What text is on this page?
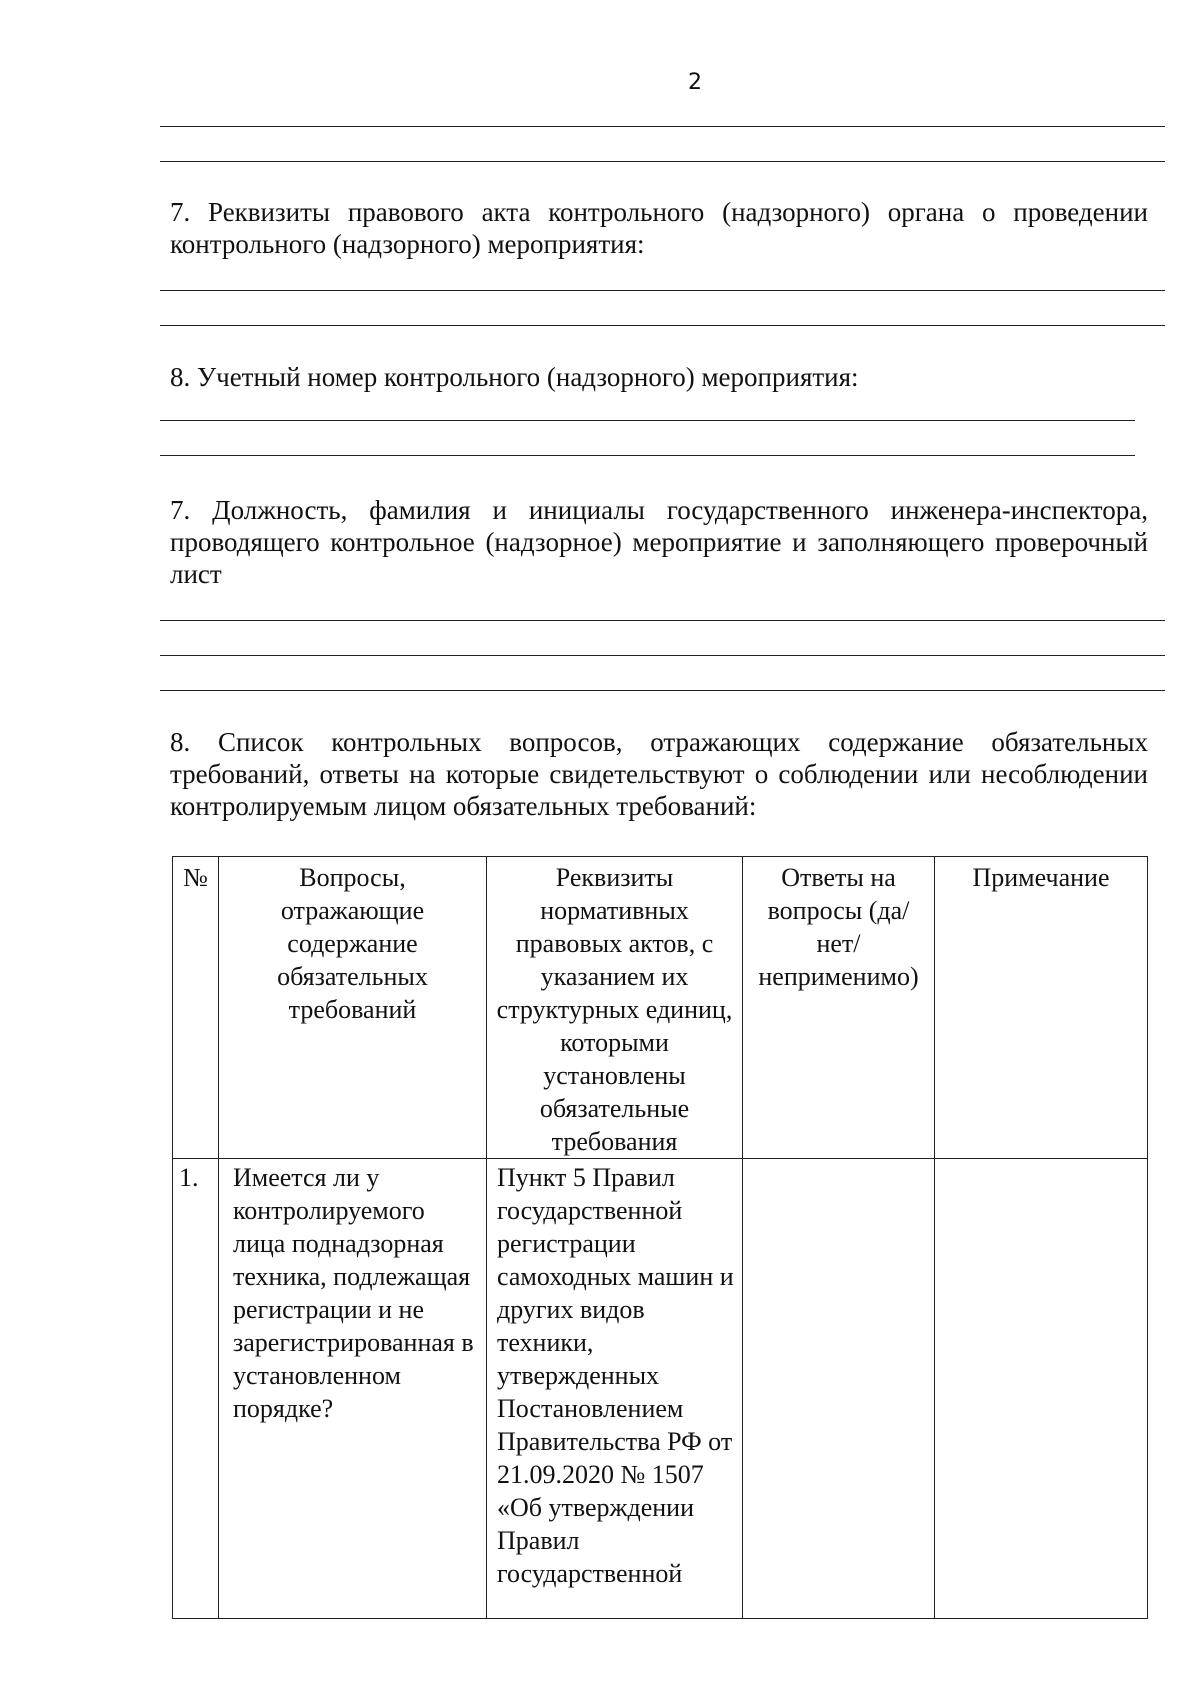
2
7. Реквизиты правового акта контрольного (надзорного) органа о проведении контрольного (надзорного) мероприятия:
8. Учетный номер контрольного (надзорного) мероприятия:
7. Должность, фамилия и инициалы государственного инженера-инспектора, проводящего контрольное (надзорное) мероприятие и заполняющего проверочный лист
8. Список контрольных вопросов, отражающих содержание обязательных требований, ответы на которые свидетельствуют о соблюдении или несоблюдении контролируемым лицом обязательных требований:
№	Вопросы, отражающие содержание обязательных требований	Реквизиты нормативных правовых актов, с указанием их структурных единиц, которыми установлены обязательные требования	Ответы на вопросы (да/нет/ неприменимо)	Примечание
1.	Имеется ли у контролируемого лица поднадзорная техника, подлежащая регистрации и не зарегистрированная в установленном порядке?	Пункт 5 Правил государственной регистрации самоходных машин и других видов техники, утвержденных Постановлением Правительства РФ от 21.09.2020 № 1507 «Об утверждении Правил государственной		
